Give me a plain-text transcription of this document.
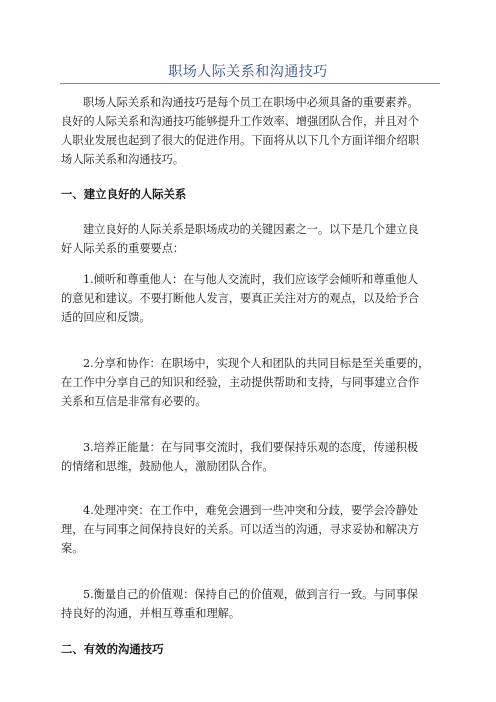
职场人际关系和沟通技巧

职场人际关系和沟通技巧是每个员工在职场中必须具备的重要素养。
良好的人际关系和沟通技巧能够提升工作效率、增强团队合作，并且对个
人职业发展也起到了很大的促进作用。下面将从以下几个方面详细介绍职
场人际关系和沟通技巧。

一、建立良好的人际关系

建立良好的人际关系是职场成功的关键因素之一。以下是几个建立良
好人际关系的重要要点：

1.倾听和尊重他人：在与他人交流时，我们应该学会倾听和尊重他人
的意见和建议。不要打断他人发言，要真正关注对方的观点，以及给予合
适的回应和反馈。

2.分享和协作：在职场中，实现个人和团队的共同目标是至关重要的，
在工作中分享自己的知识和经验，主动提供帮助和支持，与同事建立合作
关系和互信是非常有必要的。

3.培养正能量：在与同事交流时，我们要保持乐观的态度，传递积极
的情绪和思维，鼓励他人，激励团队合作。

4.处理冲突：在工作中，难免会遇到一些冲突和分歧，要学会冷静处
理，在与同事之间保持良好的关系。可以适当的沟通，寻求妥协和解决方
案。

5.衡量自己的价值观：保持自己的价值观，做到言行一致。与同事保
持良好的沟通，并相互尊重和理解。

二、有效的沟通技巧
